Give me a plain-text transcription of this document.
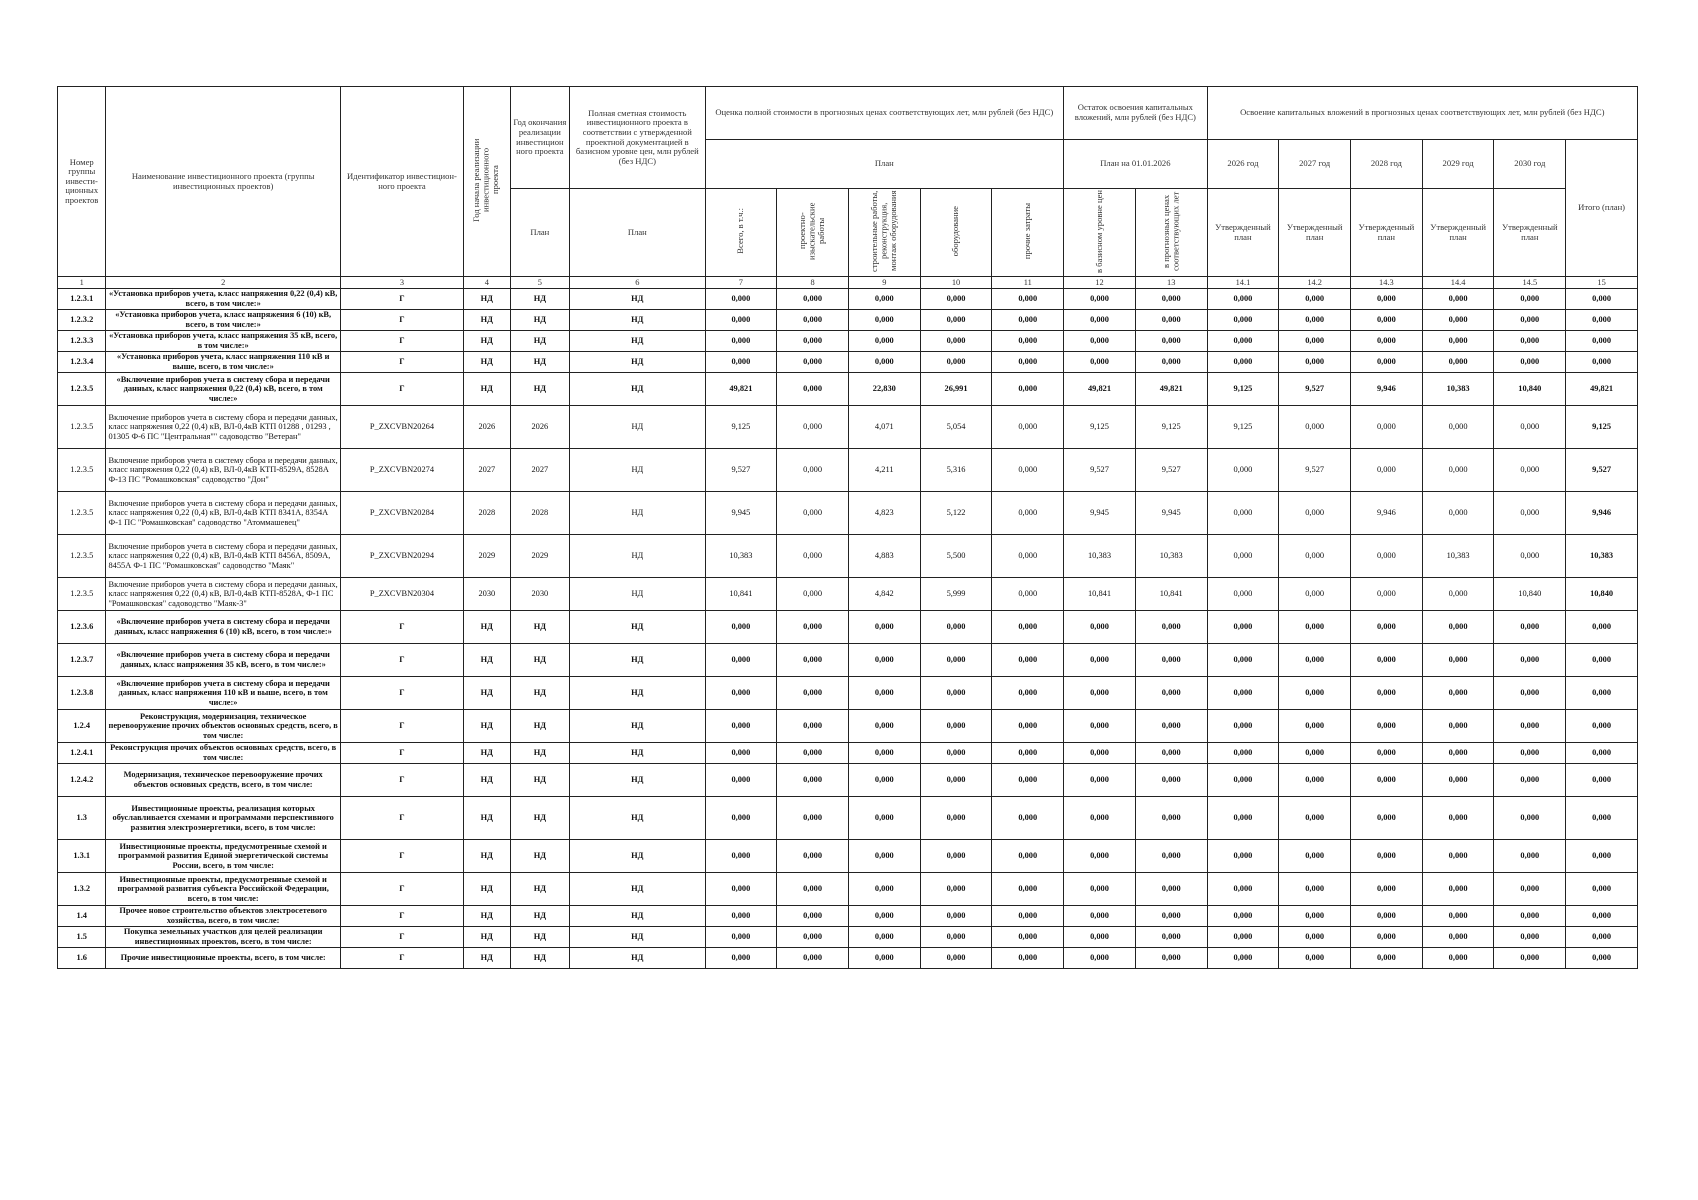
Номер группы инвести- ционных проектов	Наименование инвестиционного проекта (группы инвестиционных проектов)	Идентификатор инвестицион- ного проекта	Год начала реализации инвестиционного проекта	Год окончания реализации инвестицион ного проекта	Полная сметная стоимость инвестиционного проекта в соответствии с утвержденной проектной документацией в базисном уровне цен, млн рублей (без НДС)	Оценка полной стоимости в прогнозных ценах соответствующих лет, млн рублей (без НДС)					Остаток освоения капитальных вложений, млн рублей (без НДС)		Освоение капитальных вложений в прогнозных ценах соответствующих лет, млн рублей (без НДС)					
						План					План на 01.01.2026		2026 год	2027 год	2028 год	2029 год	2030 год	Итого (план)
				План	План	Всего, в т.ч.:	проектно- изыскательские работы	строительные работы, реконструкция, монтаж оборудования	оборудование	прочие затраты	в базисном уровне цен	в прогнозных ценах соответствующих лет	Утвержденный план	Утвержденный план	Утвержденный план	Утвержденный план	Утвержденный план	
1	2	3	4	5	6	7	8	9	10	11	12	13	14.1	14.2	14.3	14.4	14.5	15
1.2.3.1	«Установка приборов учета, класс напряжения 0,22 (0,4) кВ, всего, в том числе:»	Г	НД	НД	НД	0,000	0,000	0,000	0,000	0,000	0,000	0,000	0,000	0,000	0,000	0,000	0,000	0,000
1.2.3.2	«Установка приборов учета, класс напряжения 6 (10) кВ, всего, в том числе:»	Г	НД	НД	НД	0,000	0,000	0,000	0,000	0,000	0,000	0,000	0,000	0,000	0,000	0,000	0,000	0,000
1.2.3.3	«Установка приборов учета, класс напряжения 35 кВ, всего, в том числе:»	Г	НД	НД	НД	0,000	0,000	0,000	0,000	0,000	0,000	0,000	0,000	0,000	0,000	0,000	0,000	0,000
1.2.3.4	«Установка приборов учета, класс напряжения 110 кВ и выше, всего, в том числе:»	Г	НД	НД	НД	0,000	0,000	0,000	0,000	0,000	0,000	0,000	0,000	0,000	0,000	0,000	0,000	0,000
1.2.3.5	«Включение приборов учета в систему сбора и передачи данных, класс напряжения 0,22 (0,4) кВ, всего, в том числе:»	Г	НД	НД	НД	49,821	0,000	22,830	26,991	0,000	49,821	49,821	9,125	9,527	9,946	10,383	10,840	49,821
1.2.3.5	Включение приборов учета в систему сбора и передачи данных, класс напряжения 0,22 (0,4) кВ, ВЛ-0,4кВ КТП 01288 , 01293 , 01305 Ф-6 ПС "Центральная"" садоводство "Ветеран"	P_ZXCVBN20264	2026	2026	НД	9,125	0,000	4,071	5,054	0,000	9,125	9,125	9,125	0,000	0,000	0,000	0,000	9,125
1.2.3.5	Включение приборов учета в систему сбора и передачи данных, класс напряжения 0,22 (0,4) кВ, ВЛ-0,4кВ КТП-8529А, 8528А Ф-13 ПС "Ромашковская" садоводство "Дон"	P_ZXCVBN20274	2027	2027	НД	9,527	0,000	4,211	5,316	0,000	9,527	9,527	0,000	9,527	0,000	0,000	0,000	9,527
1.2.3.5	Включение приборов учета в систему сбора и передачи данных, класс напряжения 0,22 (0,4) кВ, ВЛ-0,4кВ КТП 8341А, 8354А Ф-1 ПС "Ромашковская" садоводство "Атоммашевец"	P_ZXCVBN20284	2028	2028	НД	9,945	0,000	4,823	5,122	0,000	9,945	9,945	0,000	0,000	9,946	0,000	0,000	9,946
1.2.3.5	Включение приборов учета в систему сбора и передачи данных, класс напряжения 0,22 (0,4) кВ, ВЛ-0,4кВ КТП 8456А, 8509А, 8455А Ф-1 ПС "Ромашковская" садоводство "Маяк"	P_ZXCVBN20294	2029	2029	НД	10,383	0,000	4,883	5,500	0,000	10,383	10,383	0,000	0,000	0,000	10,383	0,000	10,383
1.2.3.5	Включение приборов учета в систему сбора и передачи данных, класс напряжения 0,22 (0,4) кВ, ВЛ-0,4кВ КТП-8528А, Ф-1 ПС "Ромашковская" садоводство "Маяк-3"	P_ZXCVBN20304	2030	2030	НД	10,841	0,000	4,842	5,999	0,000	10,841	10,841	0,000	0,000	0,000	0,000	10,840	10,840
1.2.3.6	«Включение приборов учета в систему сбора и передачи данных, класс напряжения 6 (10) кВ, всего, в том числе:»	Г	НД	НД	НД	0,000	0,000	0,000	0,000	0,000	0,000	0,000	0,000	0,000	0,000	0,000	0,000	0,000
1.2.3.7	«Включение приборов учета в систему сбора и передачи данных, класс напряжения 35 кВ, всего, в том числе:»	Г	НД	НД	НД	0,000	0,000	0,000	0,000	0,000	0,000	0,000	0,000	0,000	0,000	0,000	0,000	0,000
1.2.3.8	«Включение приборов учета в систему сбора и передачи данных, класс напряжения 110 кВ и выше, всего, в том числе:»	Г	НД	НД	НД	0,000	0,000	0,000	0,000	0,000	0,000	0,000	0,000	0,000	0,000	0,000	0,000	0,000
1.2.4	Реконструкция, модернизация, техническое перевооружение прочих объектов основных средств, всего, в том числе:	Г	НД	НД	НД	0,000	0,000	0,000	0,000	0,000	0,000	0,000	0,000	0,000	0,000	0,000	0,000	0,000
1.2.4.1	Реконструкция прочих объектов основных средств, всего, в том числе:	Г	НД	НД	НД	0,000	0,000	0,000	0,000	0,000	0,000	0,000	0,000	0,000	0,000	0,000	0,000	0,000
1.2.4.2	Модернизация, техническое перевооружение прочих объектов основных средств, всего, в том числе:	Г	НД	НД	НД	0,000	0,000	0,000	0,000	0,000	0,000	0,000	0,000	0,000	0,000	0,000	0,000	0,000
1.3	Инвестиционные проекты, реализация которых обуславливается схемами и программами перспективного развития электроэнергетики, всего, в том числе:	Г	НД	НД	НД	0,000	0,000	0,000	0,000	0,000	0,000	0,000	0,000	0,000	0,000	0,000	0,000	0,000
1.3.1	Инвестиционные проекты, предусмотренные схемой и программой развития Единой энергетической системы России, всего, в том числе:	Г	НД	НД	НД	0,000	0,000	0,000	0,000	0,000	0,000	0,000	0,000	0,000	0,000	0,000	0,000	0,000
1.3.2	Инвестиционные проекты, предусмотренные схемой и программой развития субъекта Российской Федерации, всего, в том числе:	Г	НД	НД	НД	0,000	0,000	0,000	0,000	0,000	0,000	0,000	0,000	0,000	0,000	0,000	0,000	0,000
1.4	Прочее новое строительство объектов электросетевого хозяйства, всего, в том числе:	Г	НД	НД	НД	0,000	0,000	0,000	0,000	0,000	0,000	0,000	0,000	0,000	0,000	0,000	0,000	0,000
1.5	Покупка земельных участков для целей реализации инвестиционных проектов, всего, в том числе:	Г	НД	НД	НД	0,000	0,000	0,000	0,000	0,000	0,000	0,000	0,000	0,000	0,000	0,000	0,000	0,000
1.6	Прочие инвестиционные проекты, всего, в том числе:	Г	НД	НД	НД	0,000	0,000	0,000	0,000	0,000	0,000	0,000	0,000	0,000	0,000	0,000	0,000	0,000
